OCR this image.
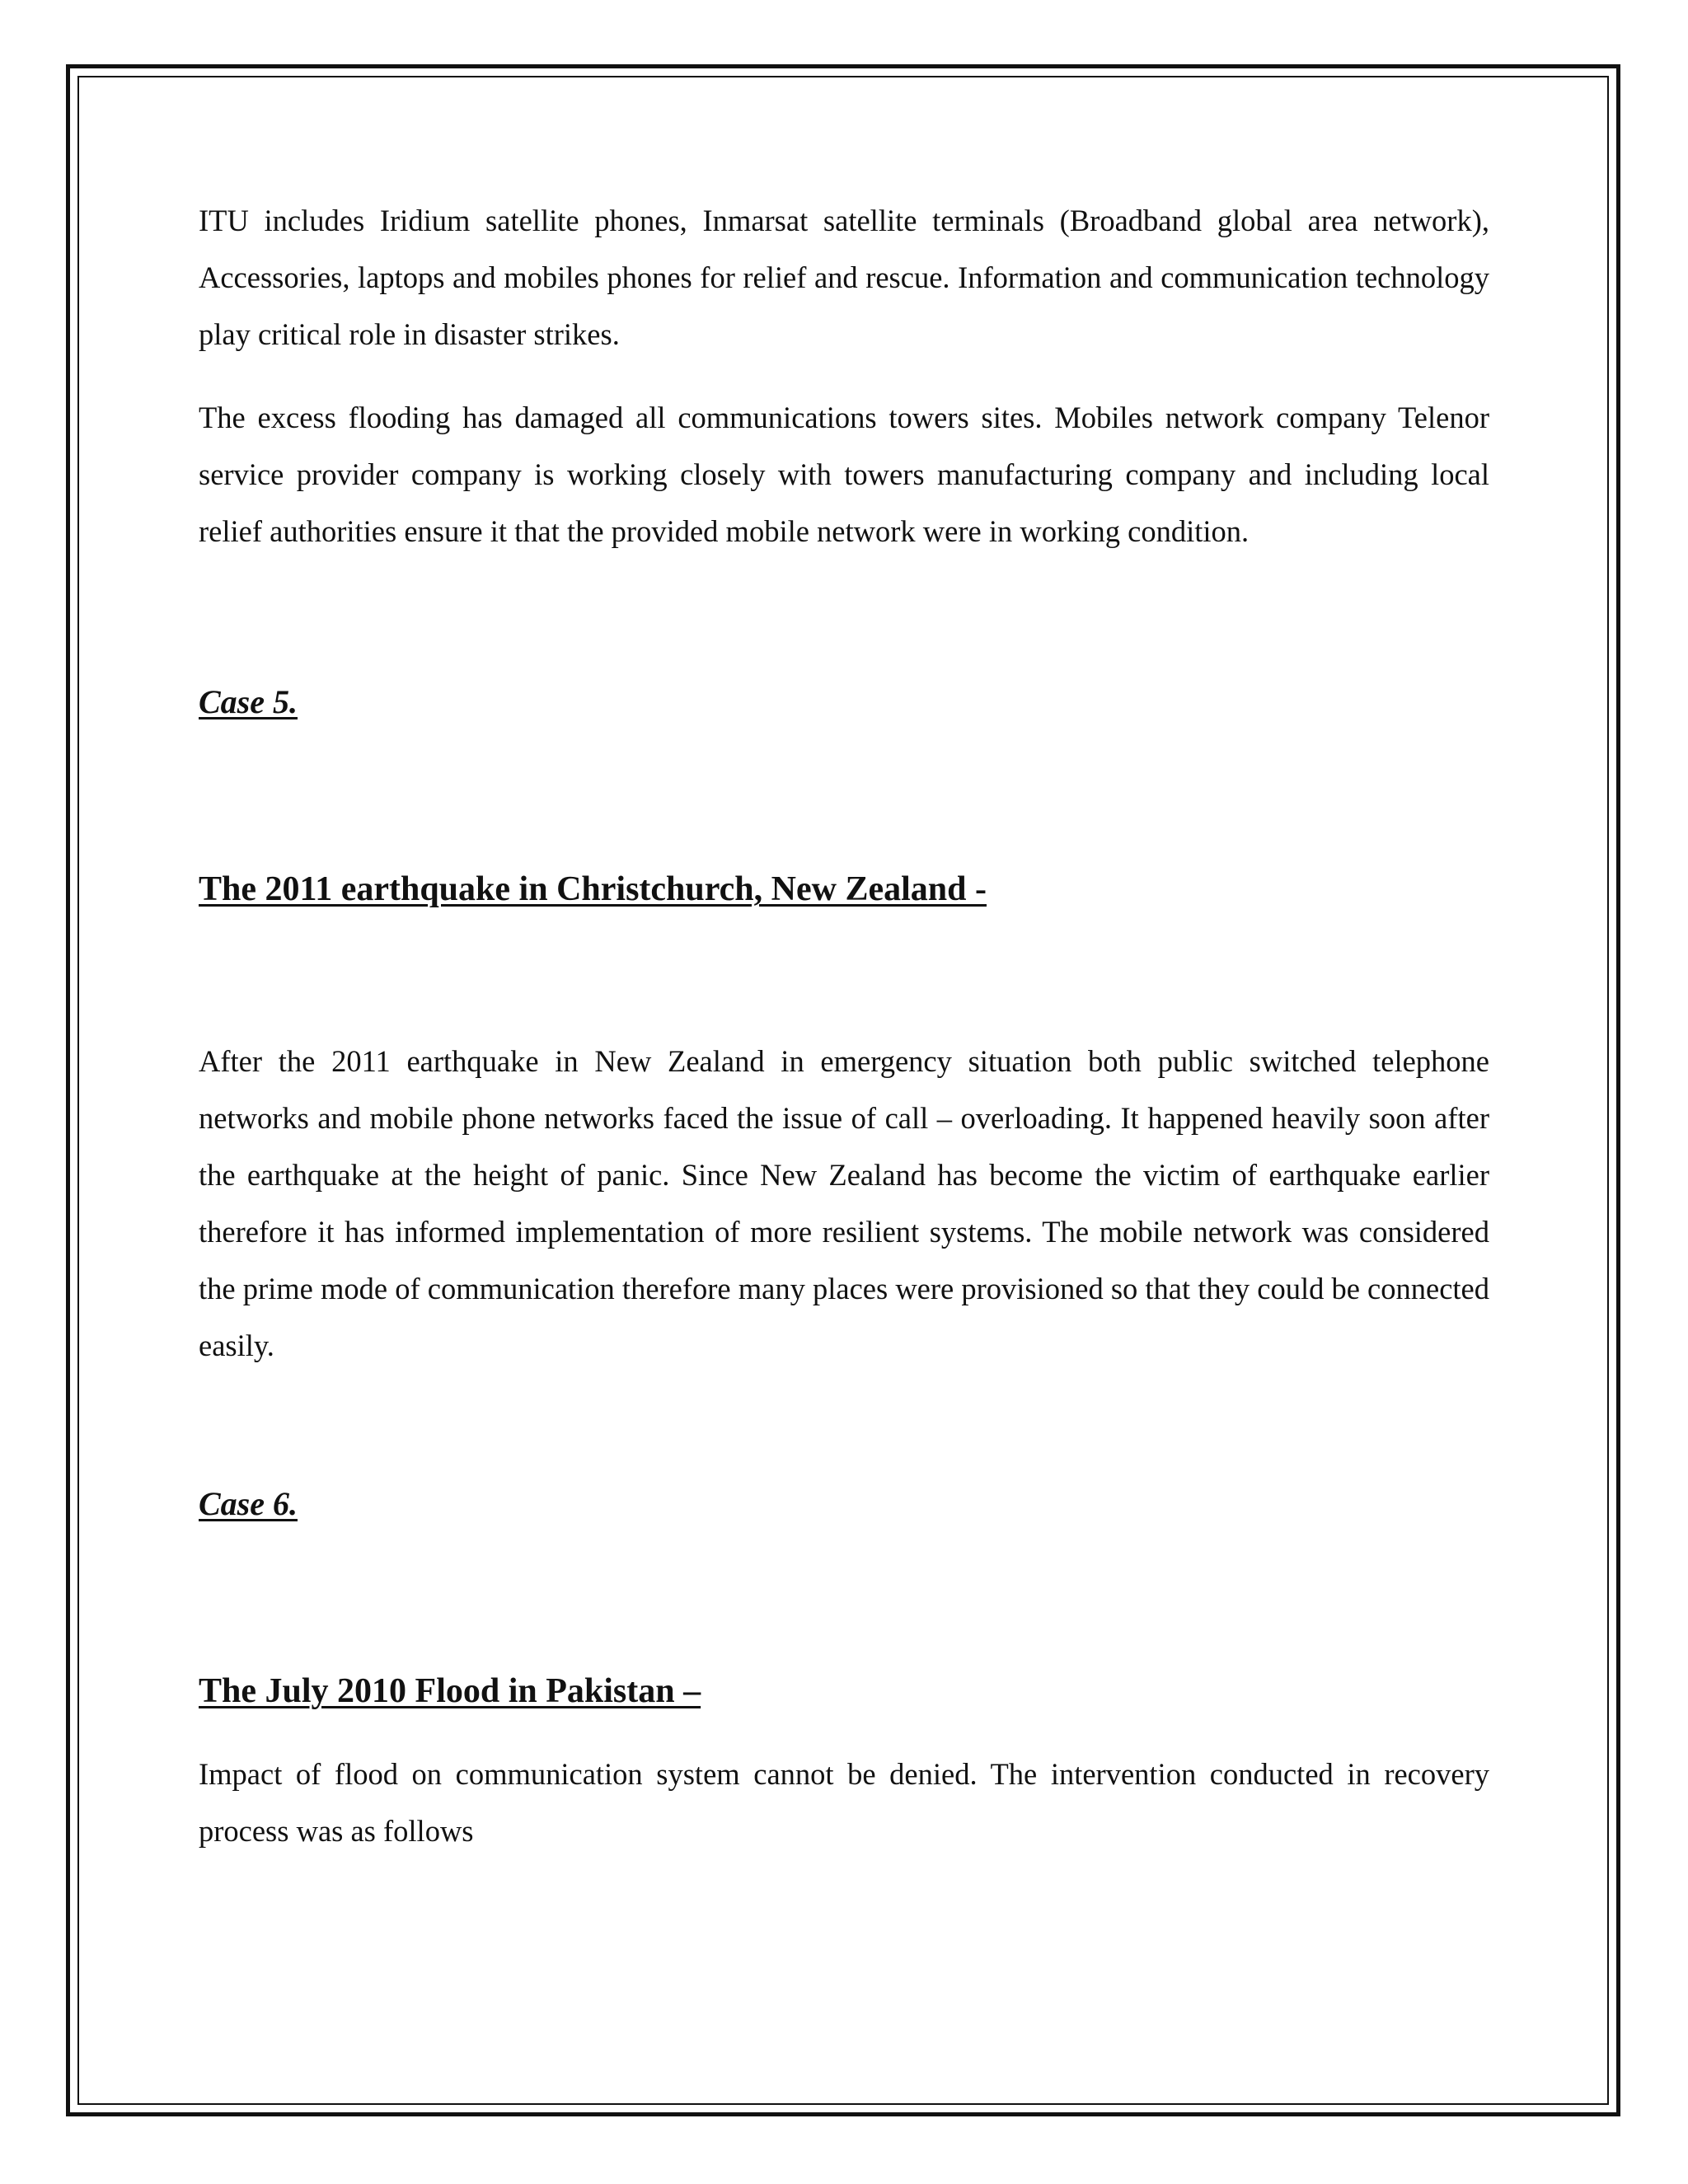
ITU includes Iridium satellite phones, Inmarsat satellite terminals (Broadband global area network), Accessories, laptops and mobiles phones for relief and rescue. Information and communication technology play critical role in disaster strikes.

The excess flooding has damaged all communications towers sites. Mobiles network company Telenor service provider company is working closely with towers manufacturing company and including local relief authorities ensure it that the provided mobile network were in working condition.

Case 5.

The 2011 earthquake in Christchurch, New Zealand -

After the 2011 earthquake in New Zealand in emergency situation both public switched telephone networks and mobile phone networks faced the issue of call – overloading. It happened heavily soon after the earthquake at the height of panic. Since New Zealand has become the victim of earthquake earlier therefore it has informed implementation of more resilient systems. The mobile network was considered the prime mode of communication therefore many places were provisioned so that they could be connected easily.

Case 6.

The July 2010 Flood in Pakistan –

Impact of flood on communication system cannot be denied. The intervention conducted in recovery process was as follows
